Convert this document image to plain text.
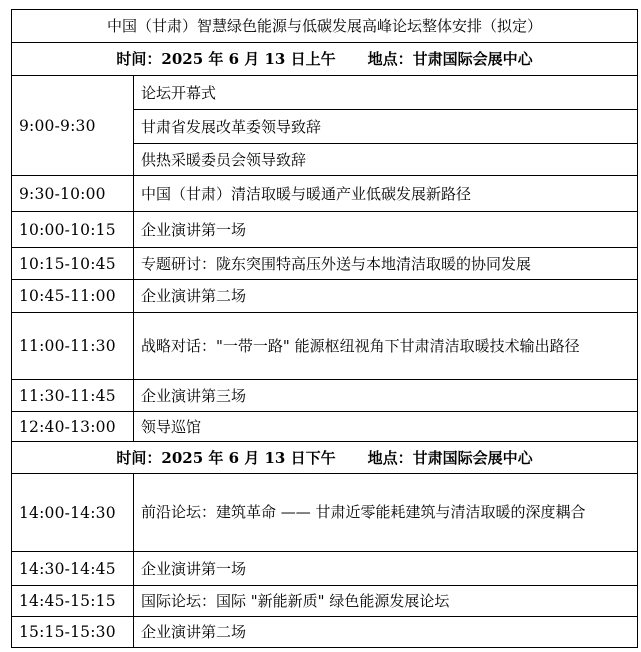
中国（甘肃）智慧绿色能源与低碳发展高峰论坛整体安排（拟定）	
时间：2025 年 6 月 13 日上午 地点：甘肃国际会展中心	
9:00-9:30	论坛开幕式
	甘肃省发展改革委领导致辞
	供热采暖委员会领导致辞
9:30-10:00	中国（甘肃）清洁取暖与暖通产业低碳发展新路径
10:00-10:15	企业演讲第一场
10:15-10:45	专题研讨：陇东突围特高压外送与本地清洁取暖的协同发展
10:45-11:00	企业演讲第二场
11:00-11:30	战略对话："一带一路" 能源枢纽视角下甘肃清洁取暖技术输出路径
11:30-11:45	企业演讲第三场
12:40-13:00	领导巡馆
时间：2025 年 6 月 13 日下午 地点：甘肃国际会展中心	
14:00-14:30	前沿论坛：建筑革命 —— 甘肃近零能耗建筑与清洁取暖的深度耦合
14:30-14:45	企业演讲第一场
14:45-15:15	国际论坛：国际 "新能新质" 绿色能源发展论坛
15:15-15:30	企业演讲第二场
